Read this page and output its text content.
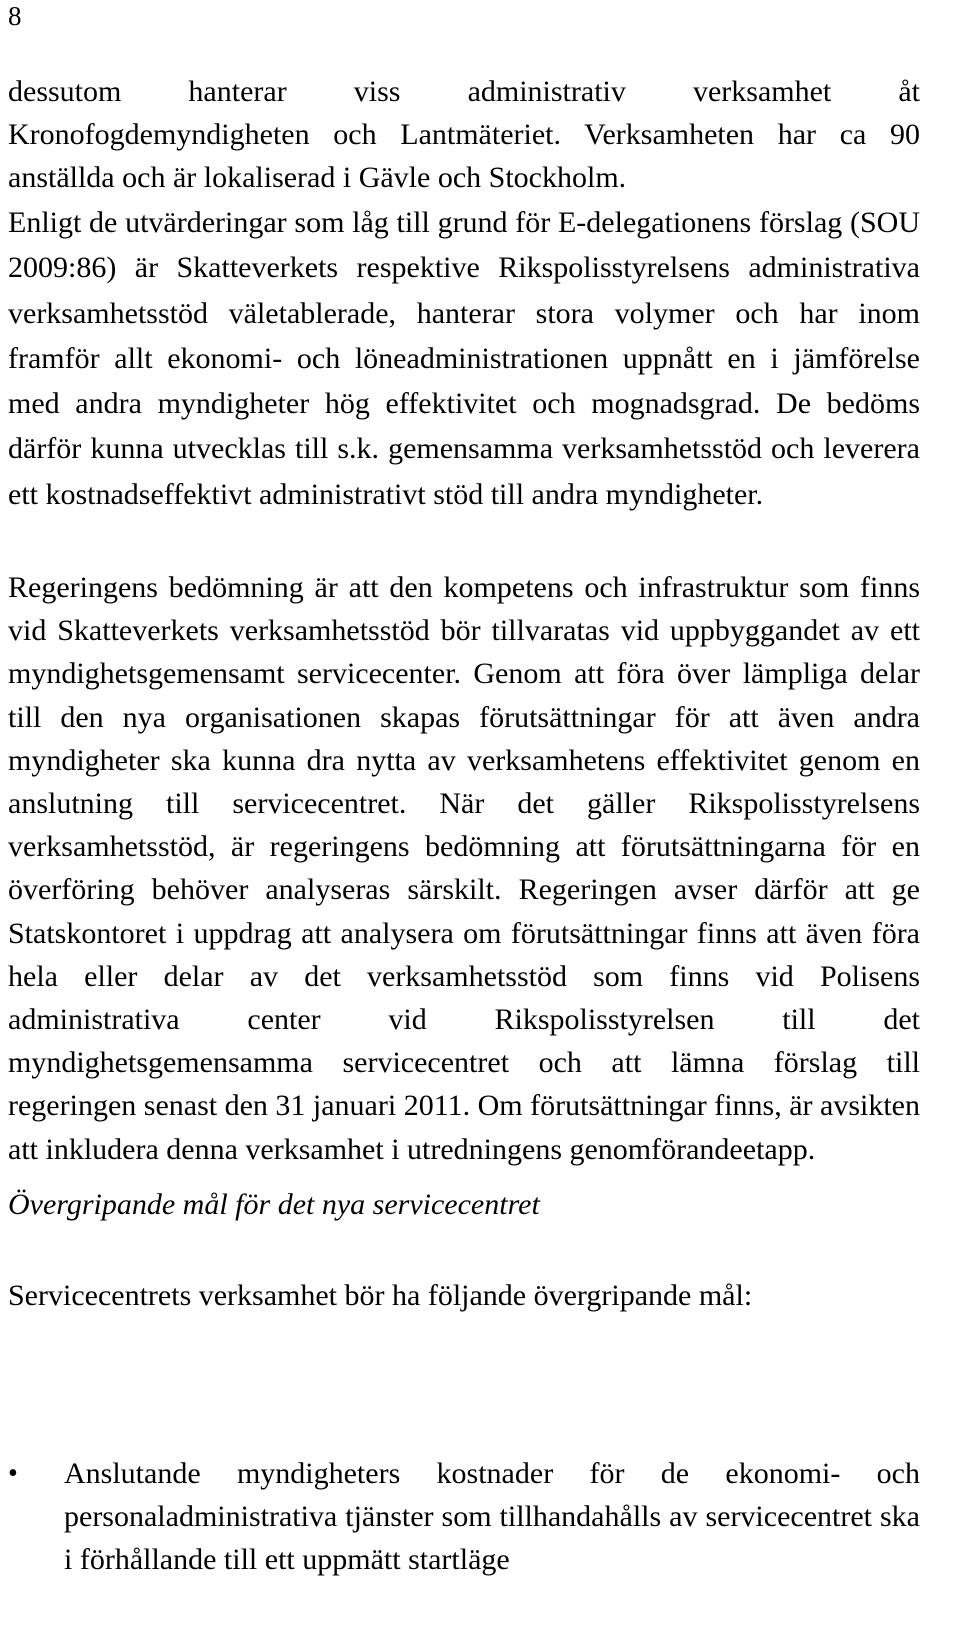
8

dessutom hanterar viss administrativ verksamhet åt Kronofogdemyndigheten och Lantmäteriet. Verksamheten har ca 90 anställda och är lokaliserad i Gävle och Stockholm.

Enligt de utvärderingar som låg till grund för E-delegationens förslag (SOU 2009:86) är Skatteverkets respektive Rikspolisstyrelsens administrativa verksamhetsstöd väletablerade, hanterar stora volymer och har inom framför allt ekonomi- och löneadministrationen uppnått en i jämförelse med andra myndigheter hög effektivitet och mognadsgrad. De bedöms därför kunna utvecklas till s.k. gemensamma verksamhetsstöd och leverera ett kostnadseffektivt administrativt stöd till andra myndigheter.

Regeringens bedömning är att den kompetens och infrastruktur som finns vid Skatteverkets verksamhetsstöd bör tillvaratas vid uppbyggandet av ett myndighetsgemensamt servicecenter. Genom att föra över lämpliga delar till den nya organisationen skapas förutsättningar för att även andra myndigheter ska kunna dra nytta av verksamhetens effektivitet genom en anslutning till servicecentret. När det gäller Rikspolisstyrelsens verksamhetsstöd, är regeringens bedömning att förutsättningarna för en överföring behöver analyseras särskilt. Regeringen avser därför att ge Statskontoret i uppdrag att analysera om förutsättningar finns att även föra hela eller delar av det verksamhetsstöd som finns vid Polisens administrativa center vid Rikspolisstyrelsen till det myndighetsgemensamma servicecentret och att lämna förslag till regeringen senast den 31 januari 2011. Om förutsättningar finns, är avsikten att inkludera denna verksamhet i utredningens genomförandeetapp.

Övergripande mål för det nya servicecentret

Servicecentrets verksamhet bör ha följande övergripande mål:

•	Anslutande myndigheters kostnader för de ekonomi- och personaladministrativa tjänster som tillhandahålls av servicecentret ska i förhållande till ett uppmätt startläge
